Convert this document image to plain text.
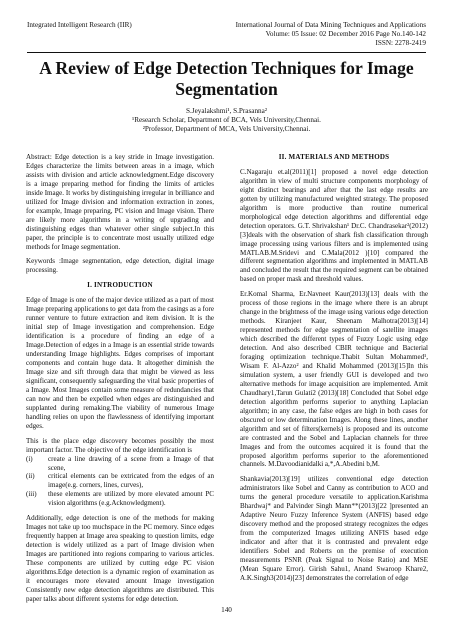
Integrated Intelligent Research (IIR)	International Journal of Data Mining Techniques and Applications
Volume: 05 Issue: 02 December 2016 Page No.140-142
ISSN: 2278-2419
A Review of Edge Detection Techniques for Image
Segmentation
S.Jeyalakshmi¹, S.Prasanna²
¹Research Scholar, Department of BCA, Vels University,Chennai.
²Professor, Department of MCA, Vels University,Chennai.

Abstract: Edge detection is a key stride in Image investigation. Edges characterize the limits between areas in a image, which assists with division and article acknowledgment.Edge discovery is a image preparing method for finding the limits of articles inside Image. It works by distinguishing irregular in brilliance and utilized for Image division and information extraction in zones, for example, Image preparing, PC vision and Image vision. There are likely more algorithms in a writing of upgrading and distinguishing edges than whatever other single subject.In this paper, the principle is to concentrate most usually utilized edge methods for Image segmentation.

Keywords :Image segmentation, edge detection, digital image processing.

I. INTRODUCTION

Edge of Image is one of the major device utilized as a part of most Image preparing applications to get data from the casings as a fore runner venture to future extraction and item division. It is the initial step of Image investigation and comprehension. Edge identification is a procedure of finding an edge of a Image.Detection of edges in a Image is an essential stride towards understanding Image highlights. Edges comprises of important components and contain huge data. It altogether diminish the Image size and sift through data that might be viewed as less significant, consequently safeguarding the vital basic properties of a Image. Most Images contain some measure of redundancies that can now and then be expelled when edges are distinguished and supplanted during remaking.The viability of numerous Image handling relies on upon the flawlessness of identifying important edges.

This is the place edge discovery becomes possibly the most important factor. The objective of the edge identification is

(i)	create a line drawing of a scene from a Image of that scene,
(ii)	critical elements can be extricated from the edges of an image(e.g. corners, lines, curves),
(iii)	these elements are utilized by more elevated amount PC vision algorithms (e.g.Acknowledgment).

Additionally, edge detection is one of the methods for making Images not take up too muchspace in the PC memory. Since edges frequently happen at Image area speaking to question limits, edge detection is widely utilized as a part of Image division when Images are partitioned into regions comparing to various articles. These components are utilized by cutting edge PC vision algorithms.Edge detection is a dynamic region of examination as it encourages more elevated amount Image investigation Consistently new edge detection algorithms are distributed. This paper talks about different systems for edge detection.

II. MATERIALS AND METHODS

C.Nagaraju et.al(2011)[1] proposed a novel edge detection algorithm in view of multi structure components morphology of eight distinct bearings and after that the last edge results are gotten by utilizing manufactured weighted strategy. The proposed algorithm is more productive than routine numerical morphological edge detection algorithms and differential edge detection operators. G.T. Shrivakshan¹ Dr.C. Chandrasekar²(2012)[3]deals with the observation of shark fish classification through image processing using various filters and is implemented using MATLAB.M.Sridevi and C.Mala(2012 )[10] compared the different segmentation algorithms and implemented in MATLAB and concluded the result that the required segment can be obtained based on proper mask and threshold values.

Er.Komal Sharma, Er.Navneet Kaur(2013)[13] deals with the process of those regions in the image where there is an abrupt change in the brightness of the image using various edge detection methods. Kiranjeet Kaur, Sheenam Malhotra(2013)[14] represented methods for edge segmentation of satellite images which described the different types of Fuzzy Logic using edge detection. And also described CBIR technique and Bacterial foraging optimization technique.Thabit Sultan Mohammed¹, Wisam F. Al-Azzo² and Khalid Mohammed (2013)[15]In this simulation system, a user friendly GUI is developed and two alternative methods for image acquisition are implemented. Amit Chaudhary1,Tarun Gulati2 (2013)[18] Concluded that Sobel edge detection algorithm performs superior to anything Laplacian algorithm; in any case, the false edges are high in both cases for obscured or low determination Images. Along these lines, another algorithm and set of filters(kernels) is proposed and its outcome are contrasted and the Sobel and Laplacian channels for three Images and from the outcomes acquired it is found that the proposed algorithm performs superior to the aforementioned channels. M.Davoodianidalki a,*,A.Abedini b,M.

Shankavia(2013)[19] utilizes conventional edge detection administrators like Sobel and Canny as contribution to ACO and turns the general procedure versatile to application.Karishma Bhardwaj* and Palvinder Singh Mann**(2013)[22 ]presented an Adaptive Neuro Fuzzy Inference System (ANFIS) based edge discovery method and the proposed strategy recognizes the edges from the computerized Images utilizing ANFIS based edge indicator and after that it is contrasted and prevalent edge identifiers Sobel and Roberts on the premise of execution measurements PSNR (Peak Signal to Noise Ratio) and MSE (Mean Square Error). Girish Sahu1, Anand Swaroop Khare2, A.K.Singh3(2014)[23] demonstrates the correlation of edge

140
